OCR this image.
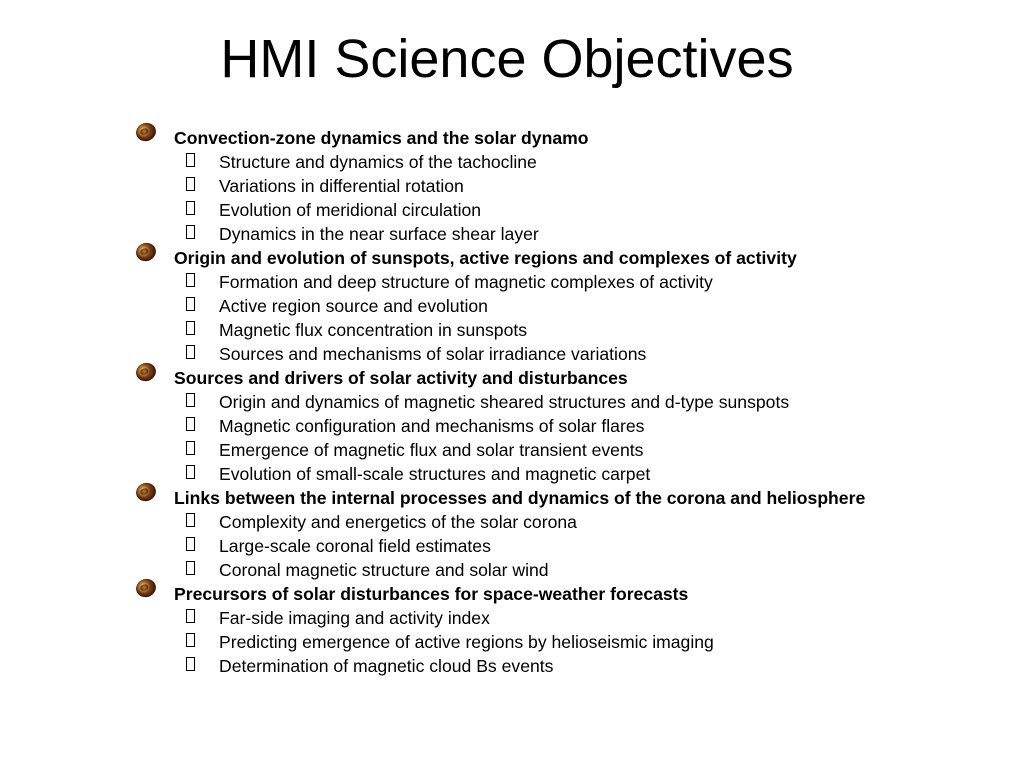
HMI Science Objectives
Convection-zone dynamics and the solar dynamo
Structure and dynamics of the tachocline
Variations in differential rotation
Evolution of meridional circulation
Dynamics in the near surface shear layer
Origin and evolution of sunspots, active regions and complexes of activity
Formation and deep structure of magnetic complexes of activity
Active region source and evolution
Magnetic flux concentration in sunspots
Sources and mechanisms of solar irradiance variations
Sources and drivers of solar activity and disturbances
Origin and dynamics of magnetic sheared structures and d-type sunspots
Magnetic configuration and mechanisms of solar flares
Emergence of magnetic flux and solar transient events
Evolution of small-scale structures and magnetic carpet
Links between the internal processes and dynamics of the corona and heliosphere
Complexity and energetics of the solar corona
Large-scale coronal field estimates
Coronal magnetic structure and solar wind
Precursors of solar disturbances for space-weather forecasts
Far-side imaging and activity index
Predicting emergence of active regions by helioseismic imaging
Determination of magnetic cloud Bs events
